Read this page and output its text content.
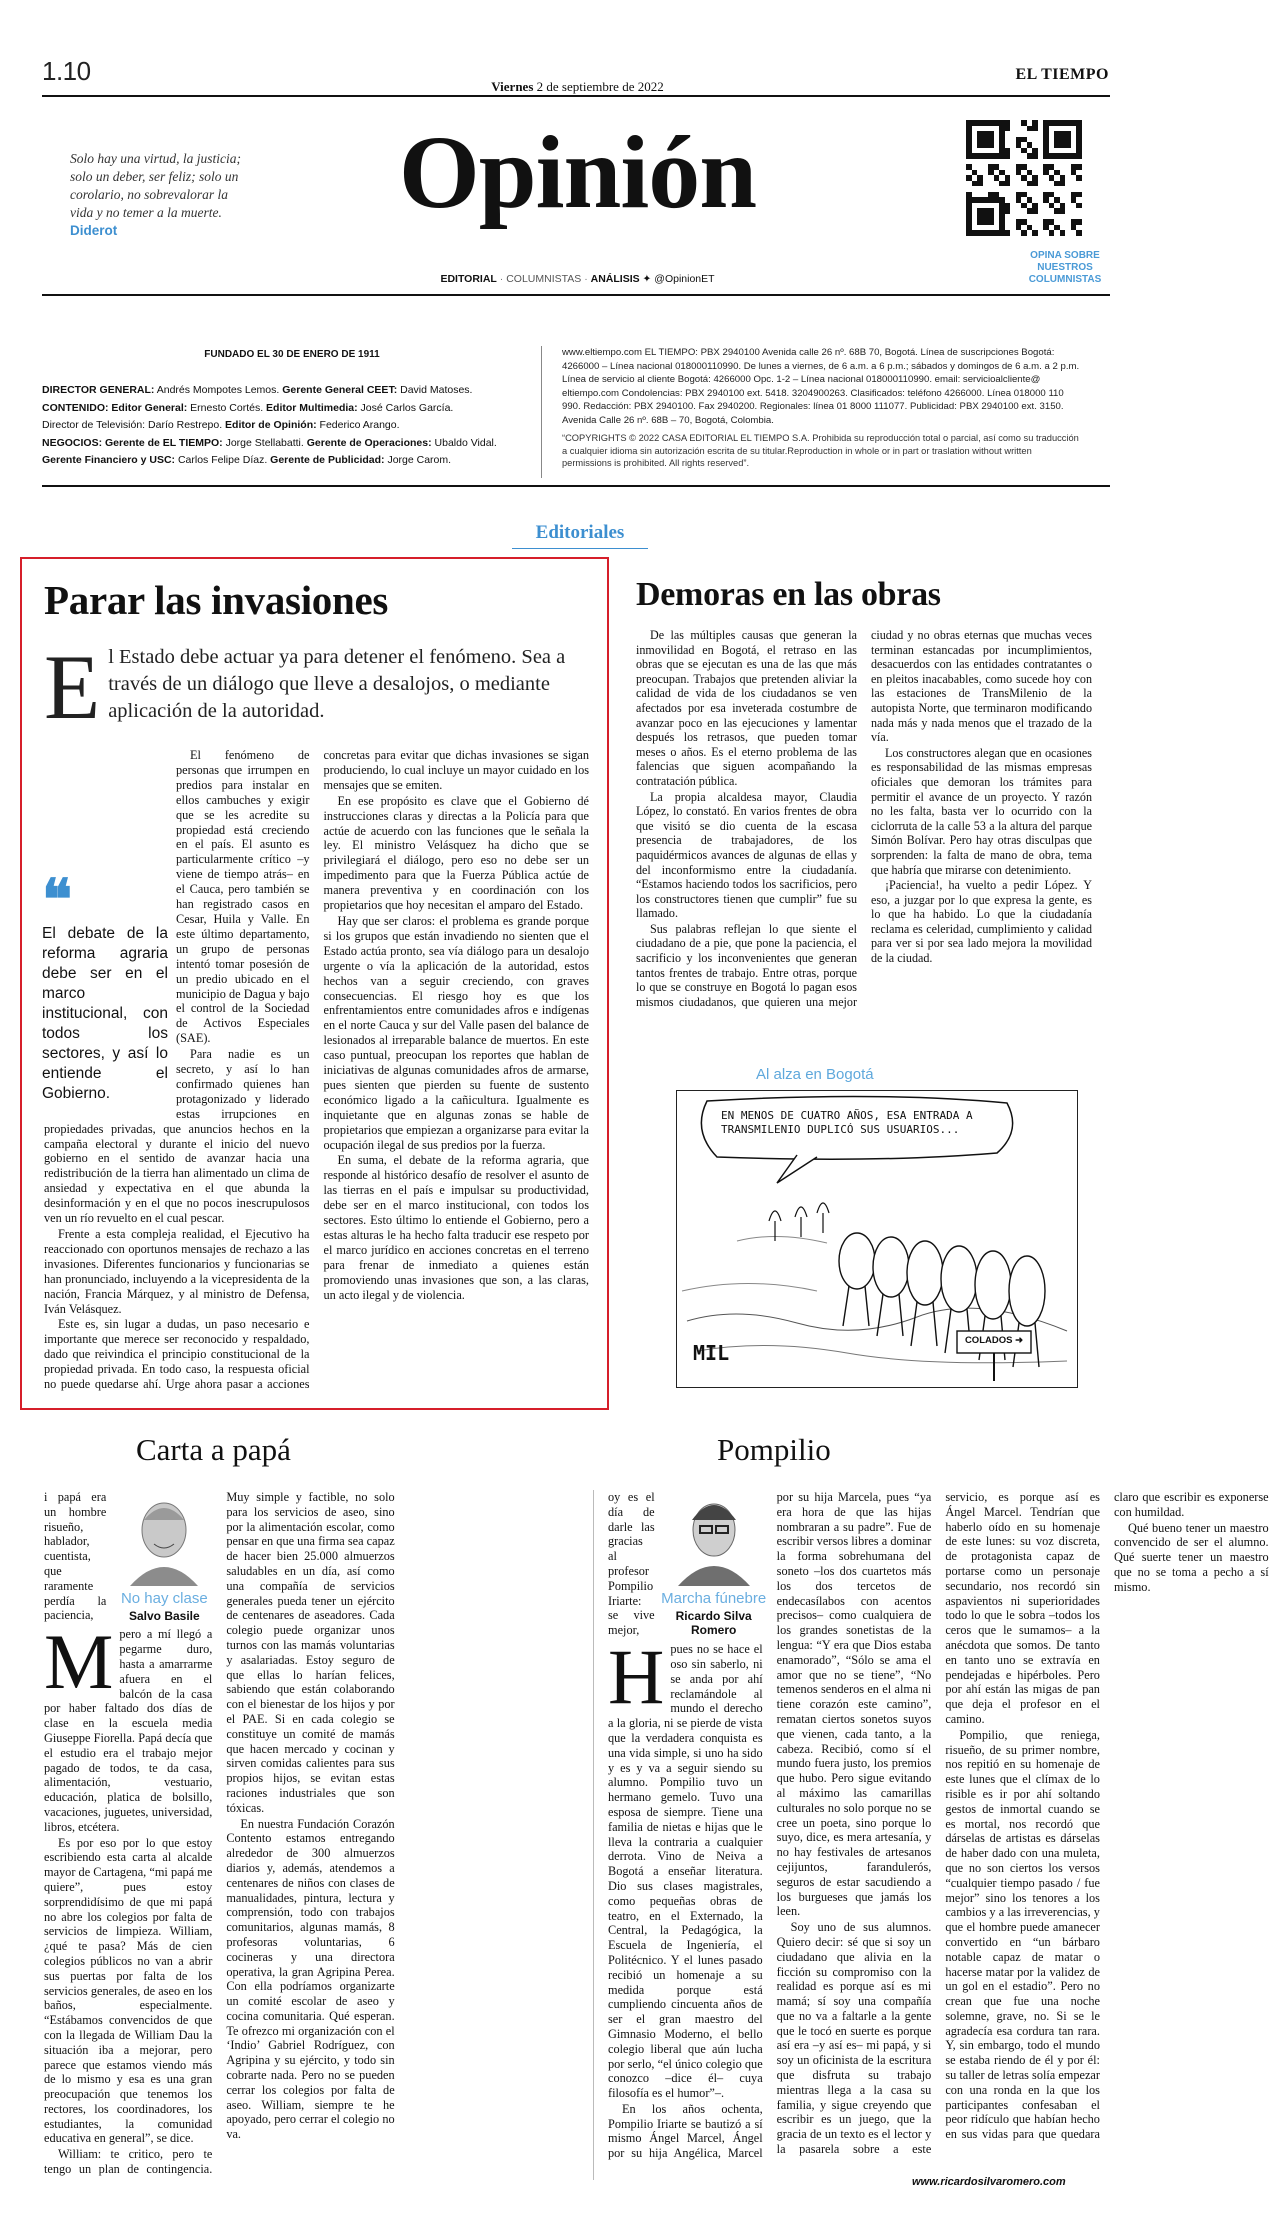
1.10
Viernes 2 de septiembre de 2022
EL TIEMPO
Solo hay una virtud, la justicia; solo un deber, ser feliz; solo un corolario, no sobrevalorar la vida y no temer a la muerte.
Diderot
Opinión
EDITORIAL · COLUMNISTAS · ANÁLISIS ✦ @OpinionET
OPINA SOBRE NUESTROS COLUMNISTAS
FUNDADO EL 30 DE ENERO DE 1911
DIRECTOR GENERAL: Andrés Mompotes Lemos. Gerente General CEET: David Matoses.
CONTENIDO: Editor General: Ernesto Cortés. Editor Multimedia: José Carlos García.
Director de Televisión: Darío Restrepo. Editor de Opinión: Federico Arango.
NEGOCIOS: Gerente de EL TIEMPO: Jorge Stellabatti. Gerente de Operaciones: Ubaldo Vidal.
Gerente Financiero y USC: Carlos Felipe Díaz. Gerente de Publicidad: Jorge Carom.
www.eltiempo.com EL TIEMPO: PBX 2940100 Avenida calle 26 nº. 68B 70, Bogotá. Línea de suscripciones Bogotá: 4266000 – Línea nacional 018000110990. De lunes a viernes, de 6 a.m. a 6 p.m.; sábados y domingos de 6 a.m. a 2 p.m. Línea de servicio al cliente Bogotá: 4266000 Opc. 1-2 – Línea nacional 018000110990. email: servicioalcliente@ eltiempo.com Condolencias: PBX 2940100 ext. 5418. 3204900263. Clasificados: teléfono 4266000. Línea 018000 110 990. Redacción: PBX 2940100. Fax 2940200. Regionales: línea 01 8000 111077. Publicidad: PBX 2940100 ext. 3150. Avenida Calle 26 nº. 68B – 70, Bogotá, Colombia.
“COPYRIGHTS © 2022 CASA EDITORIAL EL TIEMPO S.A. Prohibida su reproducción total o parcial, así como su traducción a cualquier idioma sin autorización escrita de su titular.Reproduction in whole or in part or traslation without written permissions is prohibited. All rights reserved”.
Editoriales
Parar las invasiones
E l Estado debe actuar ya para detener el fenómeno. Sea a través de un diálogo que lleve a desalojos, o mediante aplicación de la autoridad.
❝
El debate de la reforma agraria debe ser en el marco institucional, con todos los sectores, y así lo entiende el Gobierno.

El fenómeno de personas que irrumpen en predios para instalar en ellos cambuches y exigir que se les acredite su propiedad está creciendo en el país. El asunto es particularmente crítico –y viene de tiempo atrás– en el Cauca, pero también se han registrado casos en Cesar, Huila y Valle. En este último departamento, un grupo de personas intentó tomar posesión de un predio ubicado en el municipio de Dagua y bajo el control de la Sociedad de Activos Especiales (SAE).

Para nadie es un secreto, y así lo han confirmado quienes han protagonizado y liderado estas irrupciones en propiedades privadas, que anuncios hechos en la campaña electoral y durante el inicio del nuevo gobierno en el sentido de avanzar hacia una redistribución de la tierra han alimentado un clima de ansiedad y expectativa en el que abunda la desinformación y en el que no pocos inescrupulosos ven un río revuelto en el cual pescar.

Frente a esta compleja realidad, el Ejecutivo ha reaccionado con oportunos mensajes de rechazo a las invasiones. Diferentes funcionarios y funcionarias se han pronunciado, incluyendo a la vicepresidenta de la nación, Francia Márquez, y al ministro de Defensa, Iván Velásquez.

Este es, sin lugar a dudas, un paso necesario e importante que merece ser reconocido y respaldado, dado que reivindica el principio constitucional de la propiedad privada. En todo caso, la respuesta oficial no puede quedarse ahí. Urge ahora pasar a acciones concretas para evitar que dichas invasiones se sigan produciendo, lo cual incluye un mayor cuidado en los mensajes que se emiten.

En ese propósito es clave que el Gobierno dé instrucciones claras y directas a la Policía para que actúe de acuerdo con las funciones que le señala la ley. El ministro Velásquez ha dicho que se privilegiará el diálogo, pero eso no debe ser un impedimento para que la Fuerza Pública actúe de manera preventiva y en coordinación con los propietarios que hoy necesitan el amparo del Estado.

Hay que ser claros: el problema es grande porque si los grupos que están invadiendo no sienten que el Estado actúa pronto, sea vía diálogo para un desalojo urgente o vía la aplicación de la autoridad, estos hechos van a seguir creciendo, con graves consecuencias. El riesgo hoy es que los enfrentamientos entre comunidades afros e indígenas en el norte Cauca y sur del Valle pasen del balance de lesionados al irreparable balance de muertos. En este caso puntual, preocupan los reportes que hablan de iniciativas de algunas comunidades afros de armarse, pues sienten que pierden su fuente de sustento económico ligado a la cañicultura. Igualmente es inquietante que en algunas zonas se hable de propietarios que empiezan a organizarse para evitar la ocupación ilegal de sus predios por la fuerza.

En suma, el debate de la reforma agraria, que responde al histórico desafío de resolver el asunto de las tierras en el país e impulsar su productividad, debe ser en el marco institucional, con todos los sectores. Esto último lo entiende el Gobierno, pero a estas alturas le ha hecho falta traducir ese respeto por el marco jurídico en acciones concretas en el terreno para frenar de inmediato a quienes están promoviendo unas invasiones que son, a las claras, un acto ilegal y de violencia.

Demoras en las obras

De las múltiples causas que generan la inmovilidad en Bogotá, el retraso en las obras que se ejecutan es una de las que más preocupan. Trabajos que pretenden aliviar la calidad de vida de los ciudadanos se ven afectados por esa inveterada costumbre de avanzar poco en las ejecuciones y lamentar después los retrasos, que pueden tomar meses o años. Es el eterno problema de las falencias que siguen acompañando la contratación pública.

La propia alcaldesa mayor, Claudia López, lo constató. En varios frentes de obra que visitó se dio cuenta de la escasa presencia de trabajadores, de los paquidérmicos avances de algunas de ellas y del inconformismo entre la ciudadanía. “Estamos haciendo todos los sacrificios, pero los constructores tienen que cumplir” fue su llamado.

Sus palabras reflejan lo que siente el ciudadano de a pie, que pone la paciencia, el sacrificio y los inconvenientes que generan tantos frentes de trabajo. Entre otras, porque lo que se construye en Bogotá lo pagan esos mismos ciudadanos, que quieren una mejor ciudad y no obras eternas que muchas veces terminan estancadas por incumplimientos, desacuerdos con las entidades contratantes o en pleitos inacabables, como sucede hoy con las estaciones de TransMilenio de la autopista Norte, que terminaron modificando nada más y nada menos que el trazado de la vía.

Los constructores alegan que en ocasiones es responsabilidad de las mismas empresas oficiales que demoran los trámites para permitir el avance de un proyecto. Y razón no les falta, basta ver lo ocurrido con la ciclorruta de la calle 53 a la altura del parque Simón Bolívar. Pero hay otras disculpas que sorprenden: la falta de mano de obra, tema que habría que mirarse con detenimiento.

¡Paciencia!, ha vuelto a pedir López. Y eso, a juzgar por lo que expresa la gente, es lo que ha habido. Lo que la ciudadanía reclama es celeridad, cumplimiento y calidad para ver si por sea lado mejora la movilidad de la ciudad.

Al alza en Bogotá
EN MENOS DE CUATRO AÑOS, ESA ENTRADA A TRANSMILENIO DUPLICÓ SUS USUARIOS...
COLADOS ➜
MIL
Carta a papá
No hay clase
Salvo Basile

M
i papá era un hombre risueño, hablador, cuentista, que raramente perdía la paciencia, pero a mí llegó a pegarme duro, hasta a amarrarme afuera en el balcón de la casa por haber faltado dos días de clase en la escuela media Giuseppe Fiorella. Papá decía que el estudio era el trabajo mejor pagado de todos, te da casa, alimentación, vestuario, educación, platica de bolsillo, vacaciones, juguetes, universidad, libros, etcétera.

Es por eso por lo que estoy escribiendo esta carta al alcalde mayor de Cartagena, “mi papá me quiere”, pues estoy sorprendidísimo de que mi papá no abre los colegios por falta de servicios de limpieza. William, ¿qué te pasa? Más de cien colegios públicos no van a abrir sus puertas por falta de los servicios generales, de aseo en los baños, especialmente. “Estábamos convencidos de que con la llegada de William Dau la situación iba a mejorar, pero parece que estamos viendo más de lo mismo y esa es una gran preocupación que tenemos los rectores, los coordinadores, los estudiantes, la comunidad educativa en general”, se dice.

William: te critico, pero te tengo un plan de contingencia. Muy simple y factible, no solo para los servicios de aseo, sino por la alimentación escolar, como pensar en que una firma sea capaz de hacer bien 25.000 almuerzos saludables en un día, así como una compañía de servicios generales pueda tener un ejército de centenares de aseadores. Cada colegio puede organizar unos turnos con las mamás voluntarias y asalariadas. Estoy seguro de que ellas lo harían felices, sabiendo que están colaborando con el bienestar de los hijos y por el PAE. Si en cada colegio se constituye un comité de mamás que hacen mercado y cocinan y sirven comidas calientes para sus propios hijos, se evitan estas raciones industriales que son tóxicas.

En nuestra Fundación Corazón Contento estamos entregando alrededor de 300 almuerzos diarios y, además, atendemos a centenares de niños con clases de manualidades, pintura, lectura y comprensión, todo con trabajos comunitarios, algunas mamás, 8 profesoras voluntarias, 6 cocineras y una directora operativa, la gran Agripina Perea. Con ella podríamos organizarte un comité escolar de aseo y cocina comunitaria. Qué esperan. Te ofrezco mi organización con el ‘Indio’ Gabriel Rodríguez, con Agripina y su ejército, y todo sin cobrarte nada. Pero no se pueden cerrar los colegios por falta de aseo. William, siempre te he apoyado, pero cerrar el colegio no va.

Pompilio
Marcha fúnebre
Ricardo Silva Romero

H
oy es el día de darle las gracias al profesor Pompilio Iriarte: se vive mejor, pues no se hace el oso sin saberlo, ni se anda por ahí reclamándole al mundo el derecho a la gloria, ni se pierde de vista que la verdadera conquista es una vida simple, si uno ha sido y es y va a seguir siendo su alumno. Pompilio tuvo un hermano gemelo. Tuvo una esposa de siempre. Tiene una familia de nietas e hijas que le lleva la contraria a cualquier derrota. Vino de Neiva a Bogotá a enseñar literatura. Dio sus clases magistrales, como pequeñas obras de teatro, en el Externado, la Central, la Pedagógica, la Escuela de Ingeniería, el Politécnico. Y el lunes pasado recibió un homenaje a su medida porque está cumpliendo cincuenta años de ser el gran maestro del Gimnasio Moderno, el bello colegio liberal que aún lucha por serlo, “el único colegio que conozco –dice él– cuya filosofía es el humor”–.

En los años ochenta, Pompilio Iriarte se bautizó a sí mismo Ángel Marcel, Ángel por su hija Angélica, Marcel por su hija Marcela, pues “ya era hora de que las hijas nombraran a su padre”. Fue de escribir versos libres a dominar la forma sobrehumana del soneto –los dos cuartetos más los dos tercetos de endecasílabos con acentos precisos– como cualquiera de los grandes sonetistas de la lengua: “Y era que Dios estaba enamorado”, “Sólo se ama el amor que no se tiene”, “No temenos senderos en el alma ni tiene corazón este camino”, rematan ciertos sonetos suyos que vienen, cada tanto, a la cabeza. Recibió, como sí el mundo fuera justo, los premios que hubo. Pero sigue evitando al máximo las camarillas culturales no solo porque no se cree un poeta, sino porque lo suyo, dice, es mera artesanía, y no hay festivales de artesanos cejijuntos, farandulerós, seguros de estar sacudiendo a los burgueses que jamás los leen.

Soy uno de sus alumnos. Quiero decir: sé que si soy un ciudadano que alivia en la ficción su compromiso con la realidad es porque así es mi mamá; sí soy una compañía que no va a faltarle a la gente que le tocó en suerte es porque así era –y así es– mi papá, y si soy un oficinista de la escritura que disfruta su trabajo mientras llega a la casa su familia, y sigue creyendo que escribir es un juego, que la gracia de un texto es el lector y la pasarela sobre a este servicio, es porque así es Ángel Marcel. Tendrían que haberlo oído en su homenaje de este lunes: su voz discreta, de protagonista capaz de portarse como un personaje secundario, nos recordó sin aspavientos ni superioridades todo lo que le sobra –todos los ceros que le sumamos– a la anécdota que somos. De tanto en tanto uno se extravía en pendejadas e hipérboles. Pero por ahí están las migas de pan que deja el profesor en el camino.

Pompilio, que reniega, risueño, de su primer nombre, nos repitió en su homenaje de este lunes que el clímax de lo risible es ir por ahí soltando gestos de inmortal cuando se es mortal, nos recordó que dárselas de artistas es dárselas de haber dado con una muleta, que no son ciertos los versos “cualquier tiempo pasado / fue mejor” sino los tenores a los cambios y a las irreverencias, y que el hombre puede amanecer convertido en “un bárbaro notable capaz de matar o hacerse matar por la validez de un gol en el estadio”. Pero no crean que fue una noche solemne, grave, no. Si se le agradecía esa cordura tan rara. Y, sin embargo, todo el mundo se estaba riendo de él y por él: su taller de letras solía empezar con una ronda en la que los participantes confesaban el peor ridículo que habían hecho en sus vidas para que quedara claro que escribir es exponerse con humildad.

Qué bueno tener un maestro convencido de ser el alumno. Qué suerte tener un maestro que no se toma a pecho a sí mismo.

www.ricardosilvaromero.com
